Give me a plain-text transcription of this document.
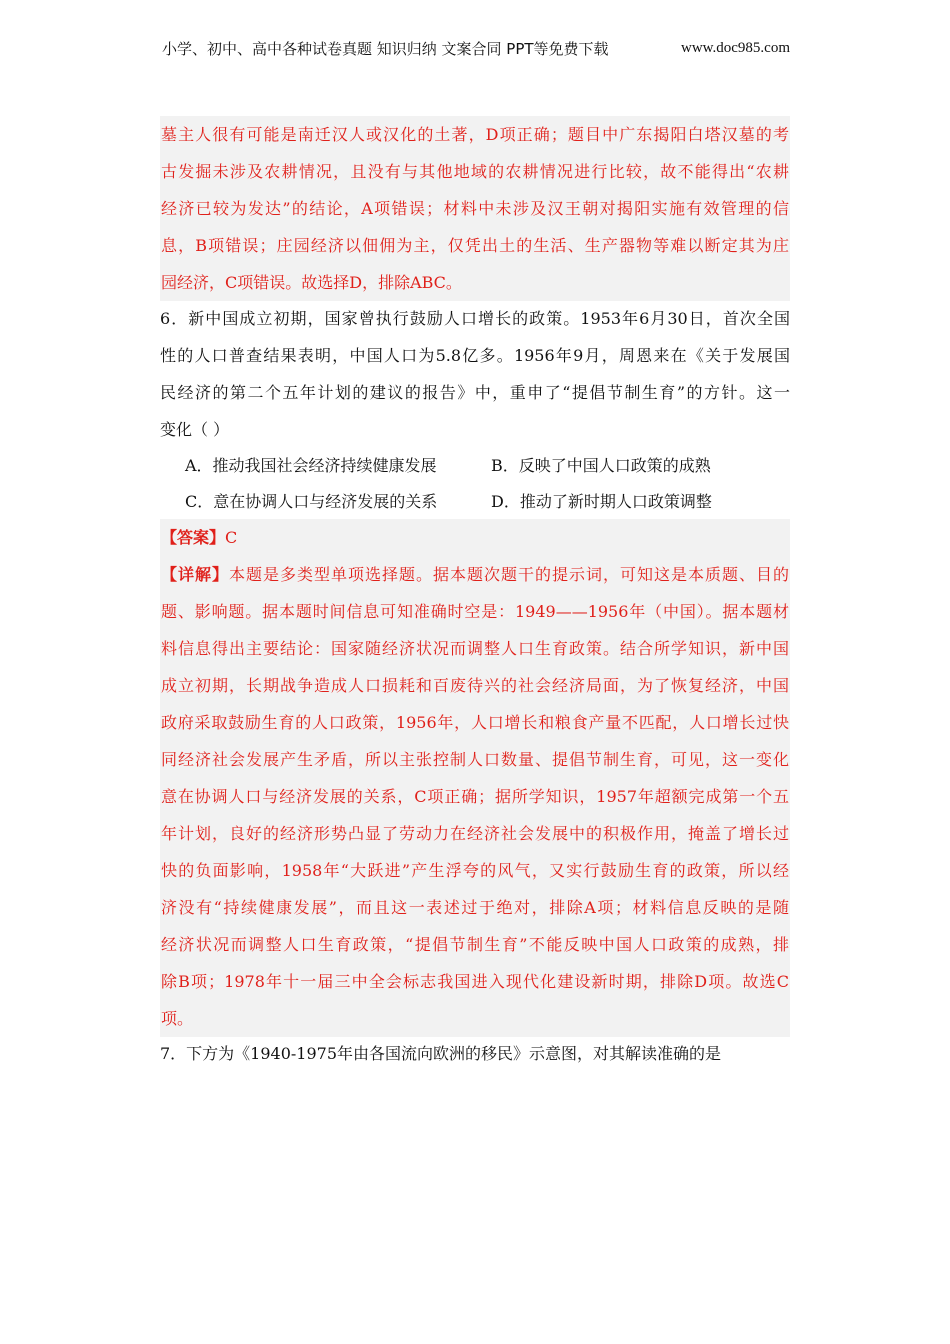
小学、初中、高中各种试卷真题 知识归纳 文案合同 PPT等免费下载	www.doc985.com
墓主人很有可能是南迁汉人或汉化的土著，D项正确；题目中广东揭阳白塔汉墓的考
古发掘未涉及农耕情况，且没有与其他地域的农耕情况进行比较，故不能得出“农耕
经济已较为发达”的结论，A项错误；材料中未涉及汉王朝对揭阳实施有效管理的信
息，B项错误；庄园经济以佃佣为主，仅凭出土的生活、生产器物等难以断定其为庄
园经济，C项错误。故选择D，排除ABC。
6．新中国成立初期，国家曾执行鼓励人口增长的政策。1953年6月30日，首次全国
性的人口普查结果表明，中国人口为5.8亿多。1956年9月，周恩来在《关于发展国
民经济的第二个五年计划的建议的报告》中，重申了“提倡节制生育”的方针。这一
变化（ ）
A．推动我国社会经济持续健康发展	B．反映了中国人口政策的成熟
C．意在协调人口与经济发展的关系	D．推动了新时期人口政策调整
【答案】C
【详解】本题是多类型单项选择题。据本题次题干的提示词，可知这是本质题、目的
题、影响题。据本题时间信息可知准确时空是：1949——1956年（中国）。据本题材
料信息得出主要结论：国家随经济状况而调整人口生育政策。结合所学知识，新中国
成立初期，长期战争造成人口损耗和百废待兴的社会经济局面，为了恢复经济，中国
政府采取鼓励生育的人口政策，1956年，人口增长和粮食产量不匹配，人口增长过快
同经济社会发展产生矛盾，所以主张控制人口数量、提倡节制生育，可见，这一变化
意在协调人口与经济发展的关系，C项正确；据所学知识，1957年超额完成第一个五
年计划，良好的经济形势凸显了劳动力在经济社会发展中的积极作用，掩盖了增长过
快的负面影响，1958年“大跃进”产生浮夸的风气，又实行鼓励生育的政策，所以经
济没有“持续健康发展”，而且这一表述过于绝对，排除A项；材料信息反映的是随
经济状况而调整人口生育政策，“提倡节制生育”不能反映中国人口政策的成熟，排
除B项；1978年十一届三中全会标志我国进入现代化建设新时期，排除D项。故选C
项。
7．下方为《1940-1975年由各国流向欧洲的移民》示意图，对其解读准确的是
